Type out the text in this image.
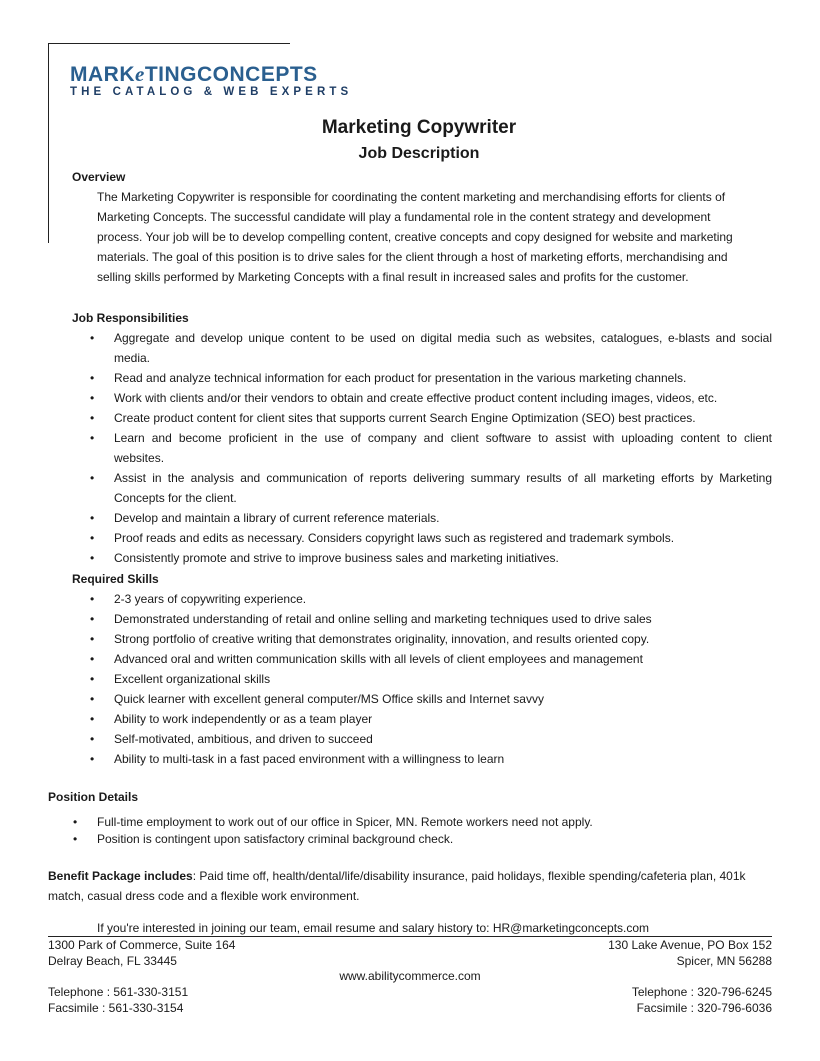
MARKeTINGCONCEPTS
THE CATALOG & WEB EXPERTS
Marketing Copywriter
Job Description
Overview
The Marketing Copywriter is responsible for coordinating the content marketing and merchandising efforts for clients of
Marketing Concepts. The successful candidate will play a fundamental role in the content strategy and development
process. Your job will be to develop compelling content, creative concepts and copy designed for website and marketing
materials. The goal of this position is to drive sales for the client through a host of marketing efforts, merchandising and
selling skills performed by Marketing Concepts with a final result in increased sales and profits for the customer.
Job Responsibilities
• Aggregate and develop unique content to be used on digital media such as websites, catalogues, e-blasts and social
media.
• Read and analyze technical information for each product for presentation in the various marketing channels.
• Work with clients and/or their vendors to obtain and create effective product content including images, videos, etc.
• Create product content for client sites that supports current Search Engine Optimization (SEO) best practices.
• Learn and become proficient in the use of company and client software to assist with uploading content to client
websites.
• Assist in the analysis and communication of reports delivering summary results of all marketing efforts by Marketing
Concepts for the client.
• Develop and maintain a library of current reference materials.
• Proof reads and edits as necessary. Considers copyright laws such as registered and trademark symbols.
• Consistently promote and strive to improve business sales and marketing initiatives.
Required Skills
• 2-3 years of copywriting experience.
• Demonstrated understanding of retail and online selling and marketing techniques used to drive sales
• Strong portfolio of creative writing that demonstrates originality, innovation, and results oriented copy.
• Advanced oral and written communication skills with all levels of client employees and management
• Excellent organizational skills
• Quick learner with excellent general computer/MS Office skills and Internet savvy
• Ability to work independently or as a team player
• Self-motivated, ambitious, and driven to succeed
• Ability to multi-task in a fast paced environment with a willingness to learn
Position Details
• Full-time employment to work out of our office in Spicer, MN. Remote workers need not apply.
• Position is contingent upon satisfactory criminal background check.
Benefit Package includes: Paid time off, health/dental/life/disability insurance, paid holidays, flexible spending/cafeteria plan, 401k
match, casual dress code and a flexible work environment.
If you're interested in joining our team, email resume and salary history to: HR@marketingconcepts.com
1300 Park of Commerce, Suite 164
Delray Beach, FL 33445
www.abilitycommerce.com
Telephone : 561-330-3151
Facsimile : 561-330-3154
130 Lake Avenue, PO Box 152
Spicer, MN 56288
Telephone : 320-796-6245
Facsimile : 320-796-6036
